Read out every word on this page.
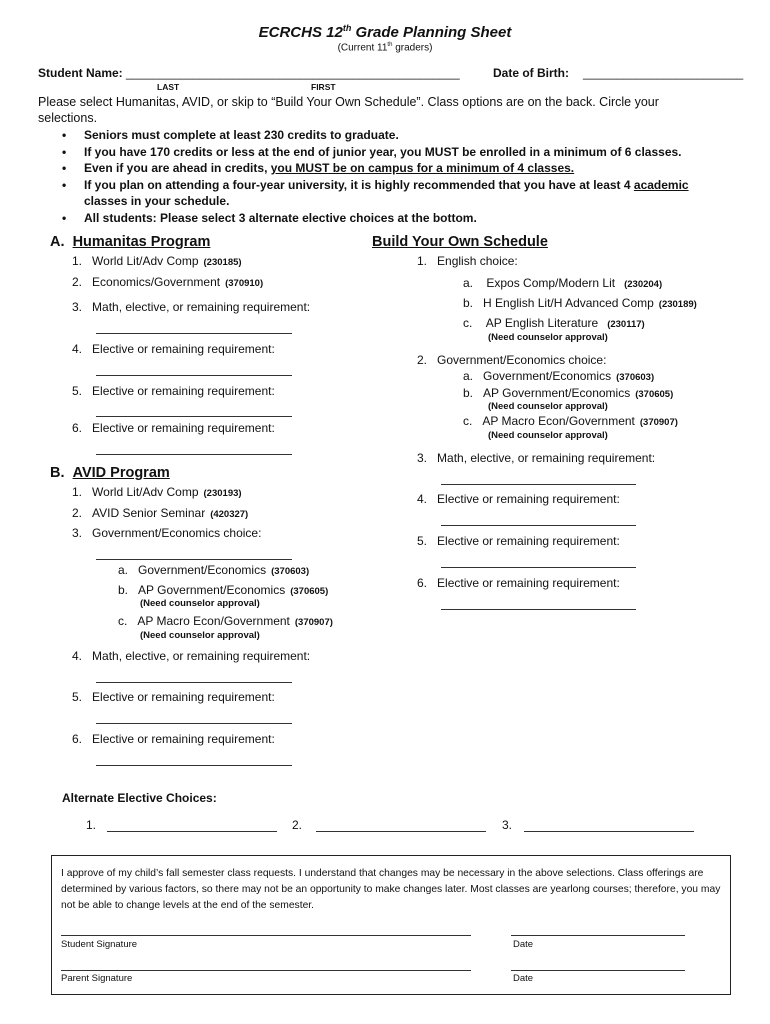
ECRCHS 12th Grade Planning Sheet
(Current 11th graders)
Student Name: __________________________________________________
LAST	FIRST
Date of Birth: ________________________
Please select Humanitas, AVID, or skip to “Build Your Own Schedule”. Class options are on the back. Circle your
selections.
• Seniors must complete at least 230 credits to graduate.
• If you have 170 credits or less at the end of junior year, you MUST be enrolled in a minimum of 6 classes.
• Even if you are ahead in credits, you MUST be on campus for a minimum of 4 classes.
• If you plan on attending a four-year university, it is highly recommended that you have at least 4 academic
classes in your schedule.
• All students: Please select 3 alternate elective choices at the bottom.
A. Humanitas Program
1. World Lit/Adv Comp (230185)
2. Economics/Government (370910)
3. Math, elective, or remaining requirement:
4. Elective or remaining requirement:
5. Elective or remaining requirement:
6. Elective or remaining requirement:
B. AVID Program
1. World Lit/Adv Comp (230193)
2. AVID Senior Seminar (420327)
3. Government/Economics choice:
a. Government/Economics (370603)
b. AP Government/Economics (370605)
(Need counselor approval)
c. AP Macro Econ/Government (370907)
(Need counselor approval)
4. Math, elective, or remaining requirement:
5. Elective or remaining requirement:
6. Elective or remaining requirement:
Build Your Own Schedule
1. English choice:
a. Expos Comp/Modern Lit (230204)
b. H English Lit/H Advanced Comp (230189)
c. AP English Literature (230117)
(Need counselor approval)
2. Government/Economics choice:
a. Government/Economics (370603)
b. AP Government/Economics (370605)
(Need counselor approval)
c. AP Macro Econ/Government (370907)
(Need counselor approval)
3. Math, elective, or remaining requirement:
4. Elective or remaining requirement:
5. Elective or remaining requirement:
6. Elective or remaining requirement:
Alternate Elective Choices:
1.	2.	3.
I approve of my child’s fall semester class requests. I understand that changes may be necessary in the above selections. Class offerings are determined by various factors, so there may not be an opportunity to make changes later. Most classes are yearlong courses; therefore, you may not be able to change levels at the end of the semester.
Student Signature	Date
Parent Signature	Date
